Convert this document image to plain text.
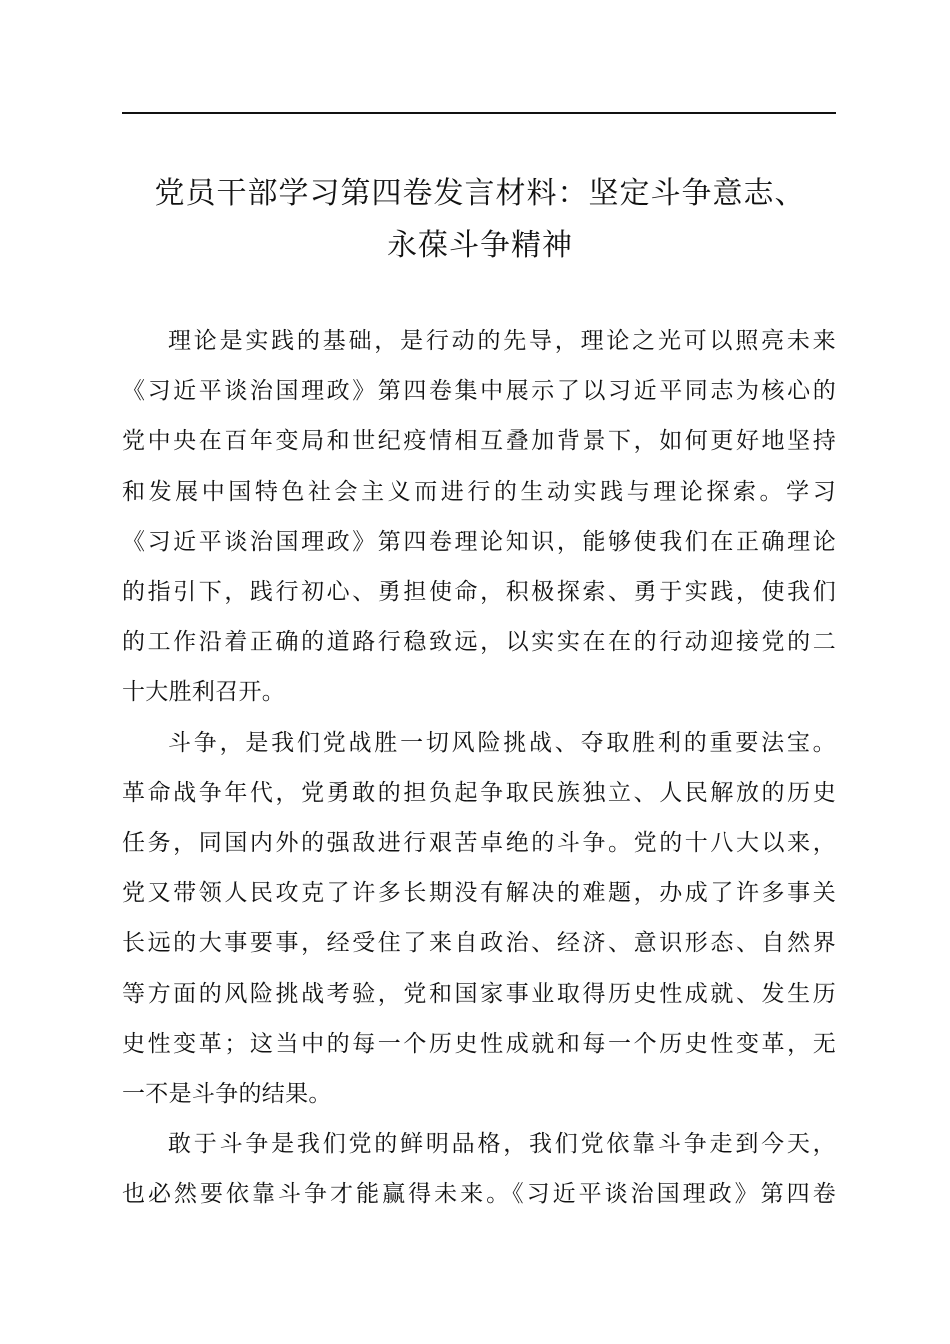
党员干部学习第四卷发言材料：坚定斗争意志、
永葆斗争精神
理论是实践的基础，是行动的先导，理论之光可以照亮未来
《习近平谈治国理政》第四卷集中展示了以习近平同志为核心的
党中央在百年变局和世纪疫情相互叠加背景下，如何更好地坚持
和发展中国特色社会主义而进行的生动实践与理论探索。学习
《习近平谈治国理政》第四卷理论知识，能够使我们在正确理论
的指引下，践行初心、勇担使命，积极探索、勇于实践，使我们
的工作沿着正确的道路行稳致远，以实实在在的行动迎接党的二
十大胜利召开。
斗争，是我们党战胜一切风险挑战、夺取胜利的重要法宝。
革命战争年代，党勇敢的担负起争取民族独立、人民解放的历史
任务，同国内外的强敌进行艰苦卓绝的斗争。党的十八大以来，
党又带领人民攻克了许多长期没有解决的难题，办成了许多事关
长远的大事要事，经受住了来自政治、经济、意识形态、自然界
等方面的风险挑战考验，党和国家事业取得历史性成就、发生历
史性变革；这当中的每一个历史性成就和每一个历史性变革，无
一不是斗争的结果。
敢于斗争是我们党的鲜明品格，我们党依靠斗争走到今天，
也必然要依靠斗争才能赢得未来。《习近平谈治国理政》第四卷
